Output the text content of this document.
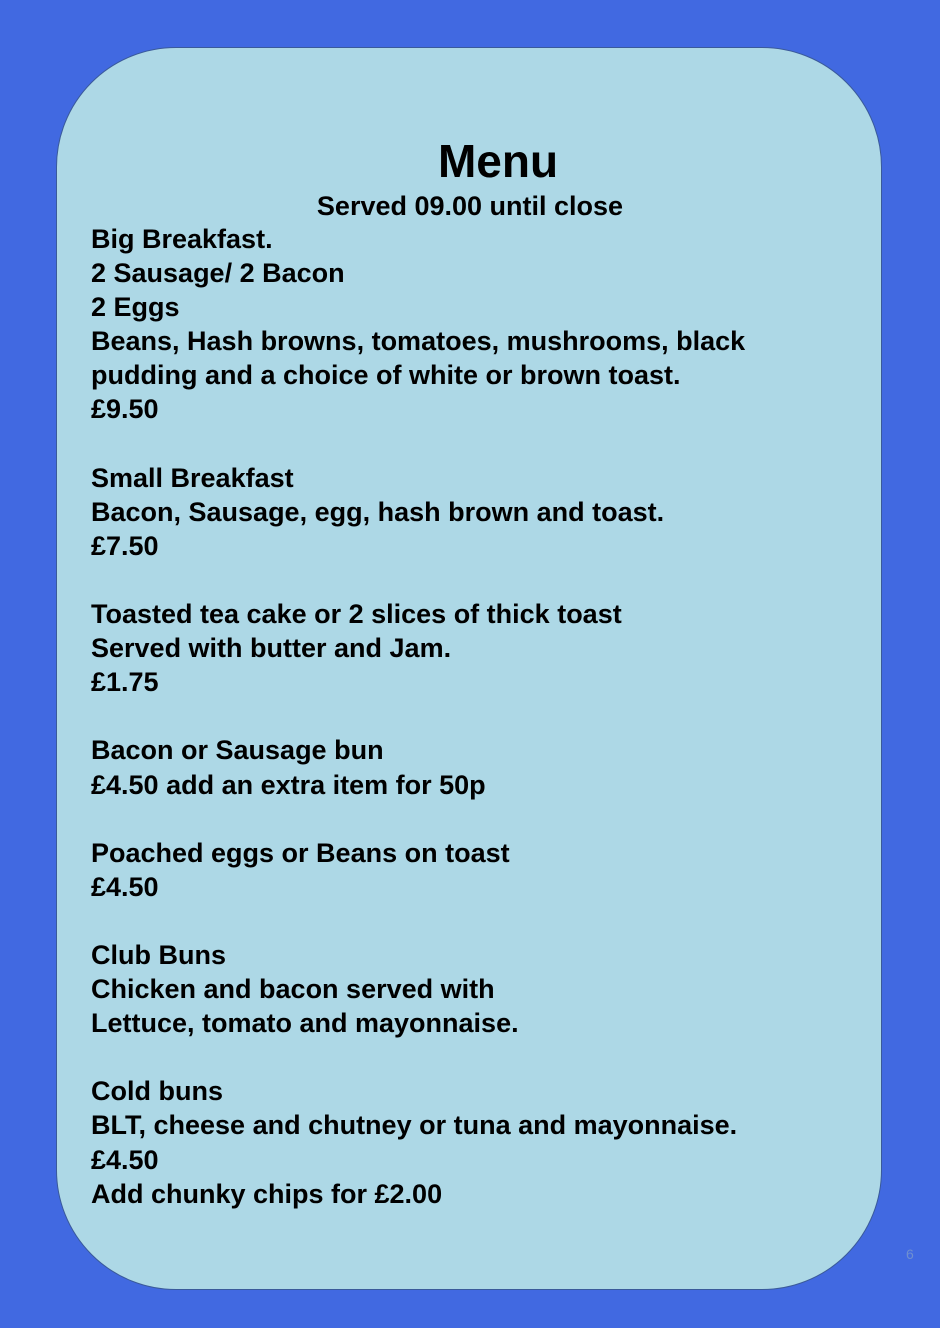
Menu
Served 09.00 until close
Big Breakfast.
2 Sausage/ 2 Bacon
2 Eggs
Beans, Hash browns, tomatoes, mushrooms, black
pudding and a choice of white or brown toast.
£9.50
Small Breakfast
Bacon, Sausage, egg, hash brown and toast.
£7.50
Toasted tea cake or 2 slices of thick toast
Served with butter and Jam.
£1.75
Bacon or Sausage bun
£4.50 add an extra item for 50p
Poached eggs or Beans on toast
£4.50
Club Buns
Chicken and bacon served with
Lettuce, tomato and mayonnaise.
Cold buns
BLT, cheese and chutney or tuna and mayonnaise.
£4.50
Add chunky chips for £2.00
6
